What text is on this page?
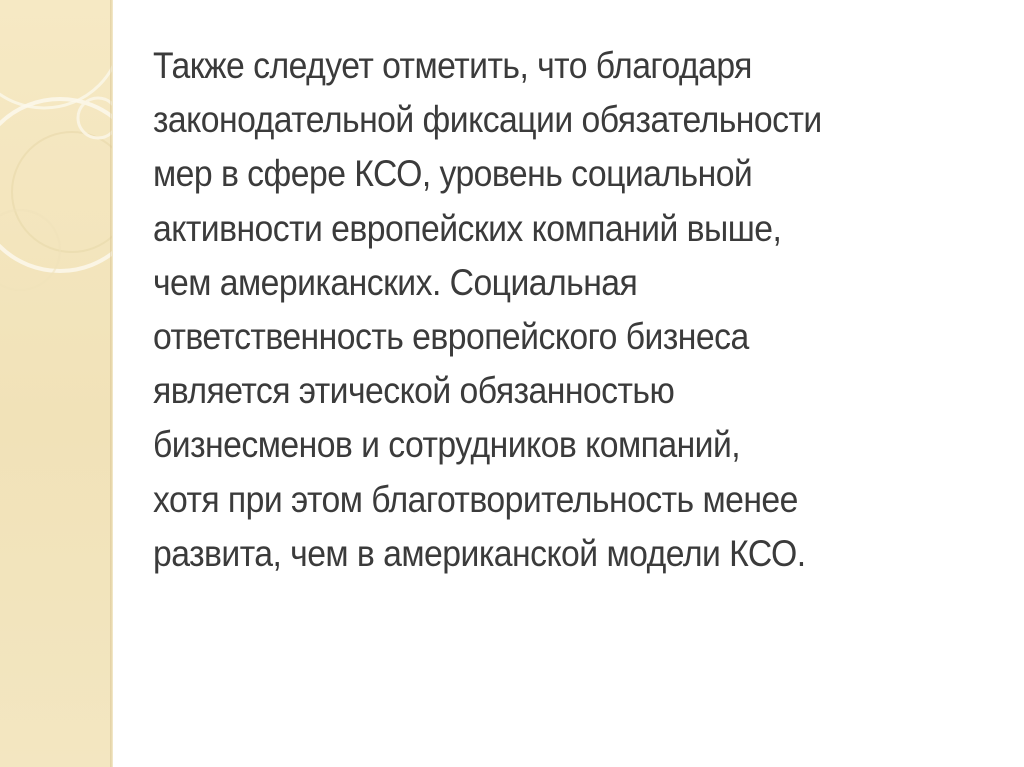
Также следует отметить, что благодаря
законодательной фиксации обязательности
мер в сфере КСО, уровень социальной
активности европейских компаний выше,
чем американских. Социальная
ответственность европейского бизнеса
является этической обязанностью
бизнесменов и сотрудников компаний,
хотя при этом благотворительность менее
развита, чем в американской модели КСО.
